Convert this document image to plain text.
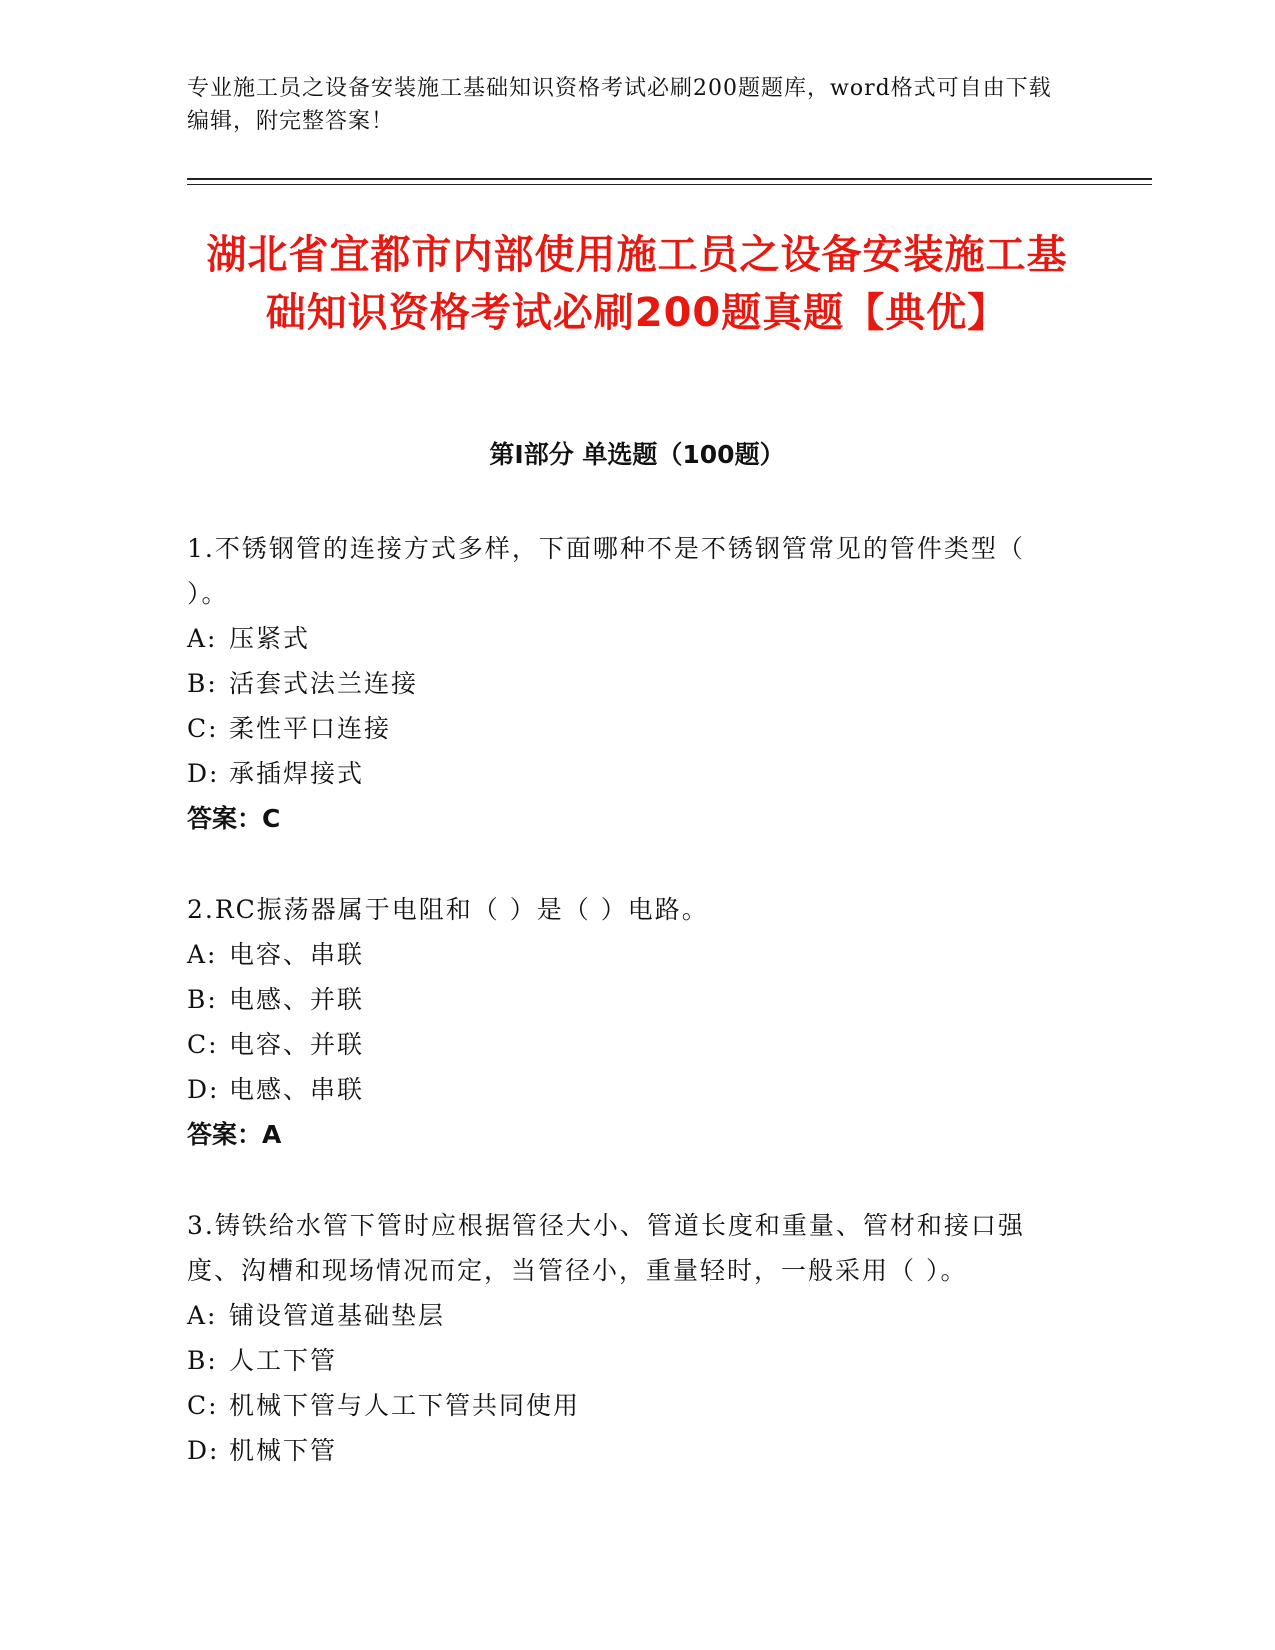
专业施工员之设备安装施工基础知识资格考试必刷200题题库，word格式可自由下载编辑，附完整答案！
湖北省宜都市内部使用施工员之设备安装施工基础知识资格考试必刷200题真题【典优】
第I部分 单选题（100题）
1.不锈钢管的连接方式多样，下面哪种不是不锈钢管常见的管件类型（ ）。
A: 压紧式
B: 活套式法兰连接
C: 柔性平口连接
D: 承插焊接式
答案：C
2.RC振荡器属于电阻和（ ）是（ ）电路。
A: 电容、串联
B: 电感、并联
C: 电容、并联
D: 电感、串联
答案：A
3.铸铁给水管下管时应根据管径大小、管道长度和重量、管材和接口强度、沟槽和现场情况而定，当管径小，重量轻时，一般采用（ ）。
A: 铺设管道基础垫层
B: 人工下管
C: 机械下管与人工下管共同使用
D: 机械下管
